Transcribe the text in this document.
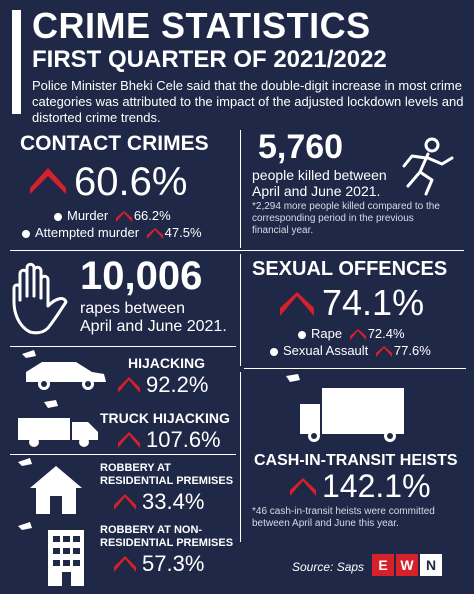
CRIME STATISTICS
FIRST QUARTER OF 2021/2022
Police Minister Bheki Cele said that the double-digit increase in most crime categories was attributed to the impact of the adjusted lockdown levels and distorted crime trends.
CONTACT CRIMES
60.6%
Murder 66.2%
Attempted murder 47.5%
5,760
people killed between
April and June 2021.
*2,294 more people killed compared to the corresponding period in the previous financial year.
10,006
rapes between
April and June 2021.
SEXUAL OFFENCES
74.1%
Rape 72.4%
Sexual Assault 77.6%
HIJACKING
92.2%
TRUCK HIJACKING
107.6%
ROBBERY AT
RESIDENTIAL PREMISES
33.4%
ROBBERY AT NON-
RESIDENTIAL PREMISES
57.3%
CASH-IN-TRANSIT HEISTS
142.1%
*46 cash-in-transit heists were committed between April and June this year.
Source: Saps	E W N
